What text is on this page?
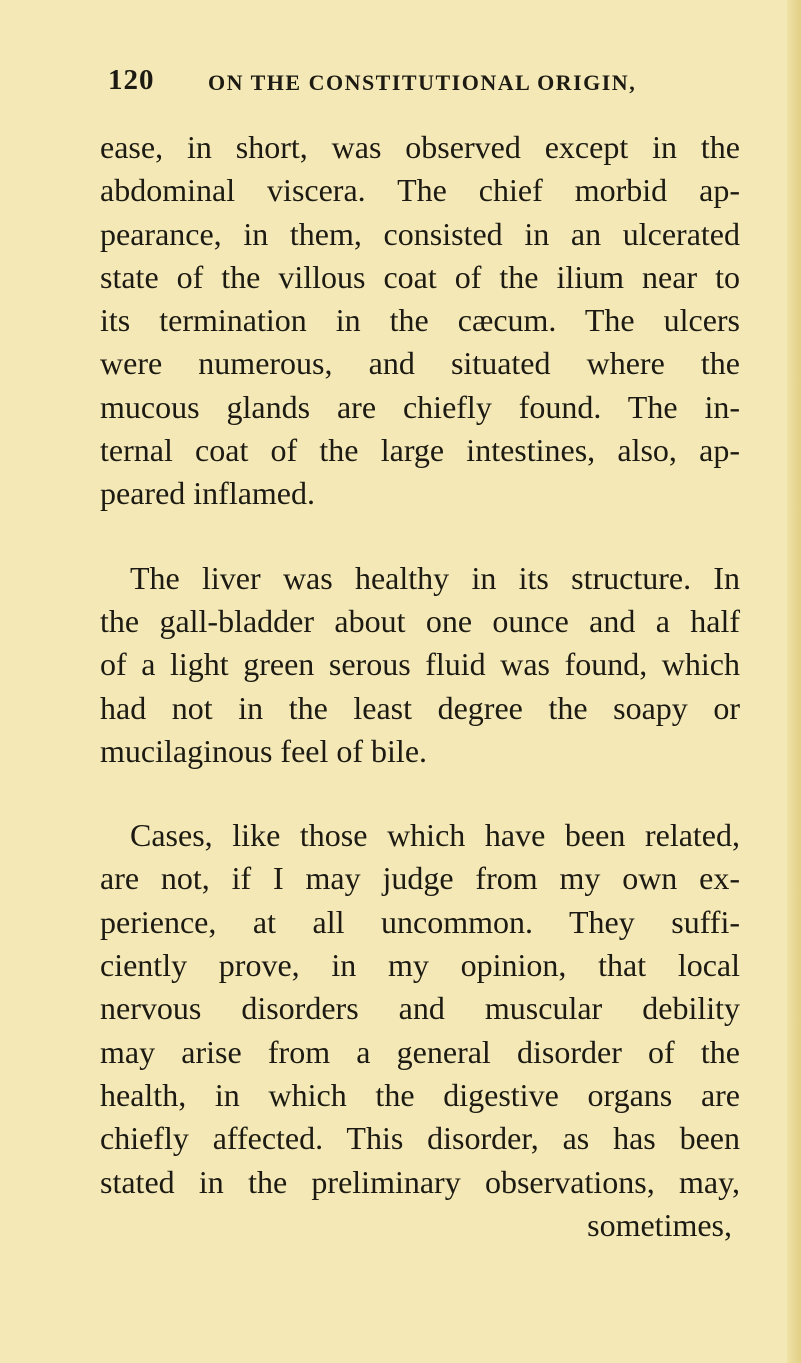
120 ON THE CONSTITUTIONAL ORIGIN,

ease, in short, was observed except in the
abdominal viscera. The chief morbid ap-
pearance, in them, consisted in an ulcerated
state of the villous coat of the ilium near to
its termination in the cæcum. The ulcers
were numerous, and situated where the
mucous glands are chiefly found. The in-
ternal coat of the large intestines, also, ap-
peared inflamed.

The liver was healthy in its structure. In
the gall-bladder about one ounce and a half
of a light green serous fluid was found, which
had not in the least degree the soapy or
mucilaginous feel of bile.

Cases, like those which have been related,
are not, if I may judge from my own ex-
perience, at all uncommon. They suffi-
ciently prove, in my opinion, that local
nervous disorders and muscular debility
may arise from a general disorder of the
health, in which the digestive organs are
chiefly affected. This disorder, as has been
stated in the preliminary observations, may,
sometimes,
